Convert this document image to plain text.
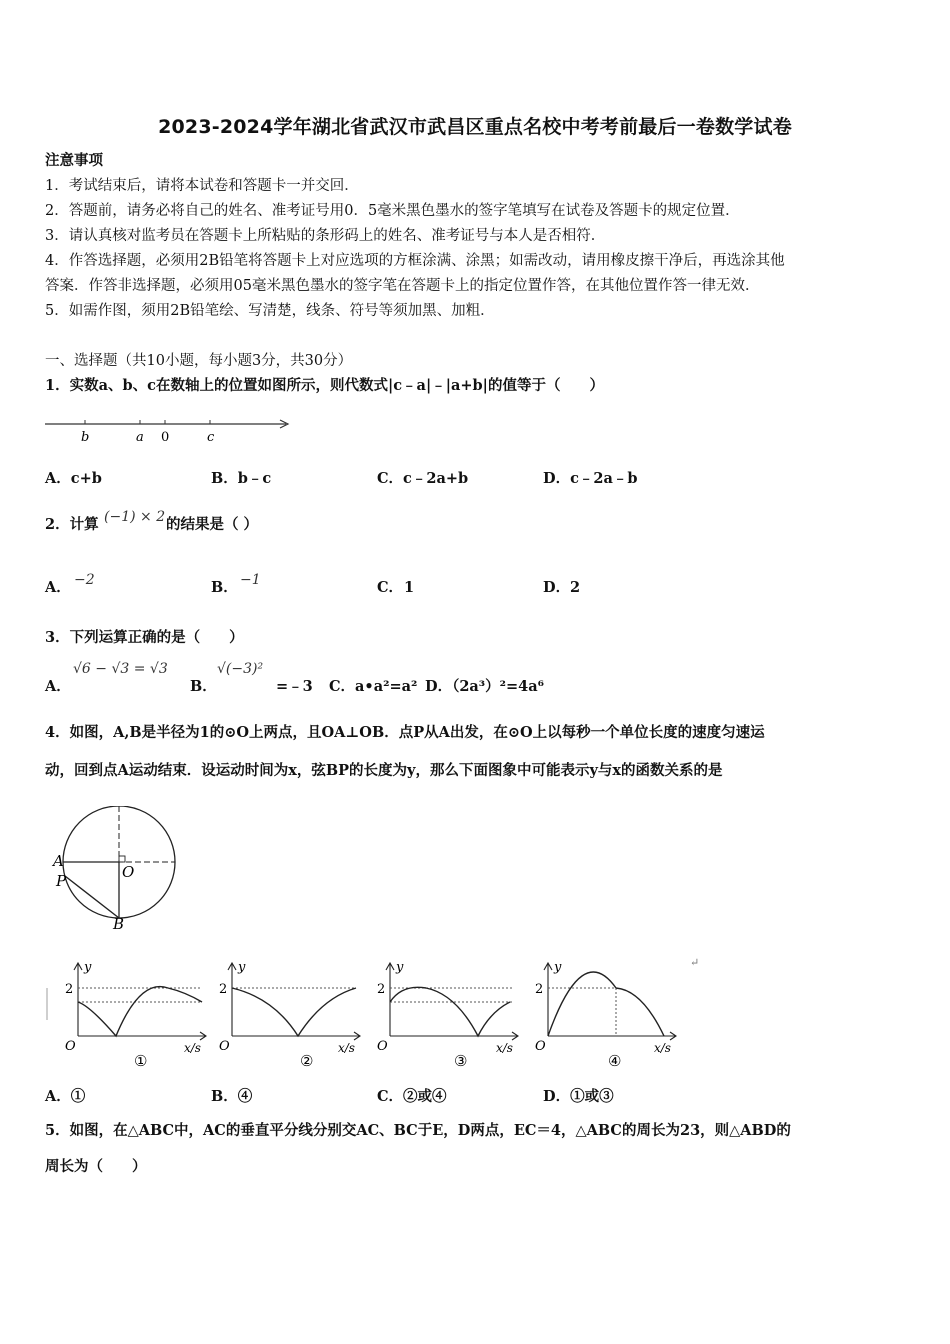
2023-2024学年湖北省武汉市武昌区重点名校中考考前最后一卷数学试卷
注意事项
1．考试结束后，请将本试卷和答题卡一并交回．
2．答题前，请务必将自己的姓名、准考证号用0．5毫米黑色墨水的签字笔填写在试卷及答题卡的规定位置．
3．请认真核对监考员在答题卡上所粘贴的条形码上的姓名、准考证号与本人是否相符．
4．作答选择题，必须用2B铅笔将答题卡上对应选项的方框涂满、涂黑；如需改动，请用橡皮擦干净后，再选涂其他
答案．作答非选择题，必须用05毫米黑色墨水的签字笔在答题卡上的指定位置作答，在其他位置作答一律无效．
5．如需作图，须用2B铅笔绘、写清楚，线条、符号等须加黑、加粗．
一、选择题（共10小题，每小题3分，共30分）
1．实数a、b、c在数轴上的位置如图所示，则代数式|c﹣a|﹣|a+b|的值等于（　　）
b	a 0	c
A．c+b	B．b﹣c	C．c﹣2a+b	D．c﹣2a﹣b
2．计算 (−1) × 2 的结果是（ ）
A． −2	B． −1	C． 1	D． 2
3．下列运算正确的是（　　）
A．
√6 − √3 = √3
B．
√(−3)²
=﹣3 C．a•a²=a² D．（2a³）²=4a⁶
4．如图，A,B是半径为1的⊙O上两点，且OA⊥OB．点P从A出发，在⊙O上以每秒一个单位长度的速度匀速运
动，回到点A运动结束．设运动时间为x，弦BP的长度为y，那么下面图象中可能表示y与x的函数关系的是
A
P	O
B
↵
y
2
O	x/s
①
y
2
O	x/s
②
y
2
O	x/s
③
y
2
O	x/s
④
A．①	B．④	C．②或④	D．①或③
5．如图，在△ABC中，AC的垂直平分线分别交AC、BC于E，D两点，EC＝4，△ABC的周长为23，则△ABD的
周长为（　　）
